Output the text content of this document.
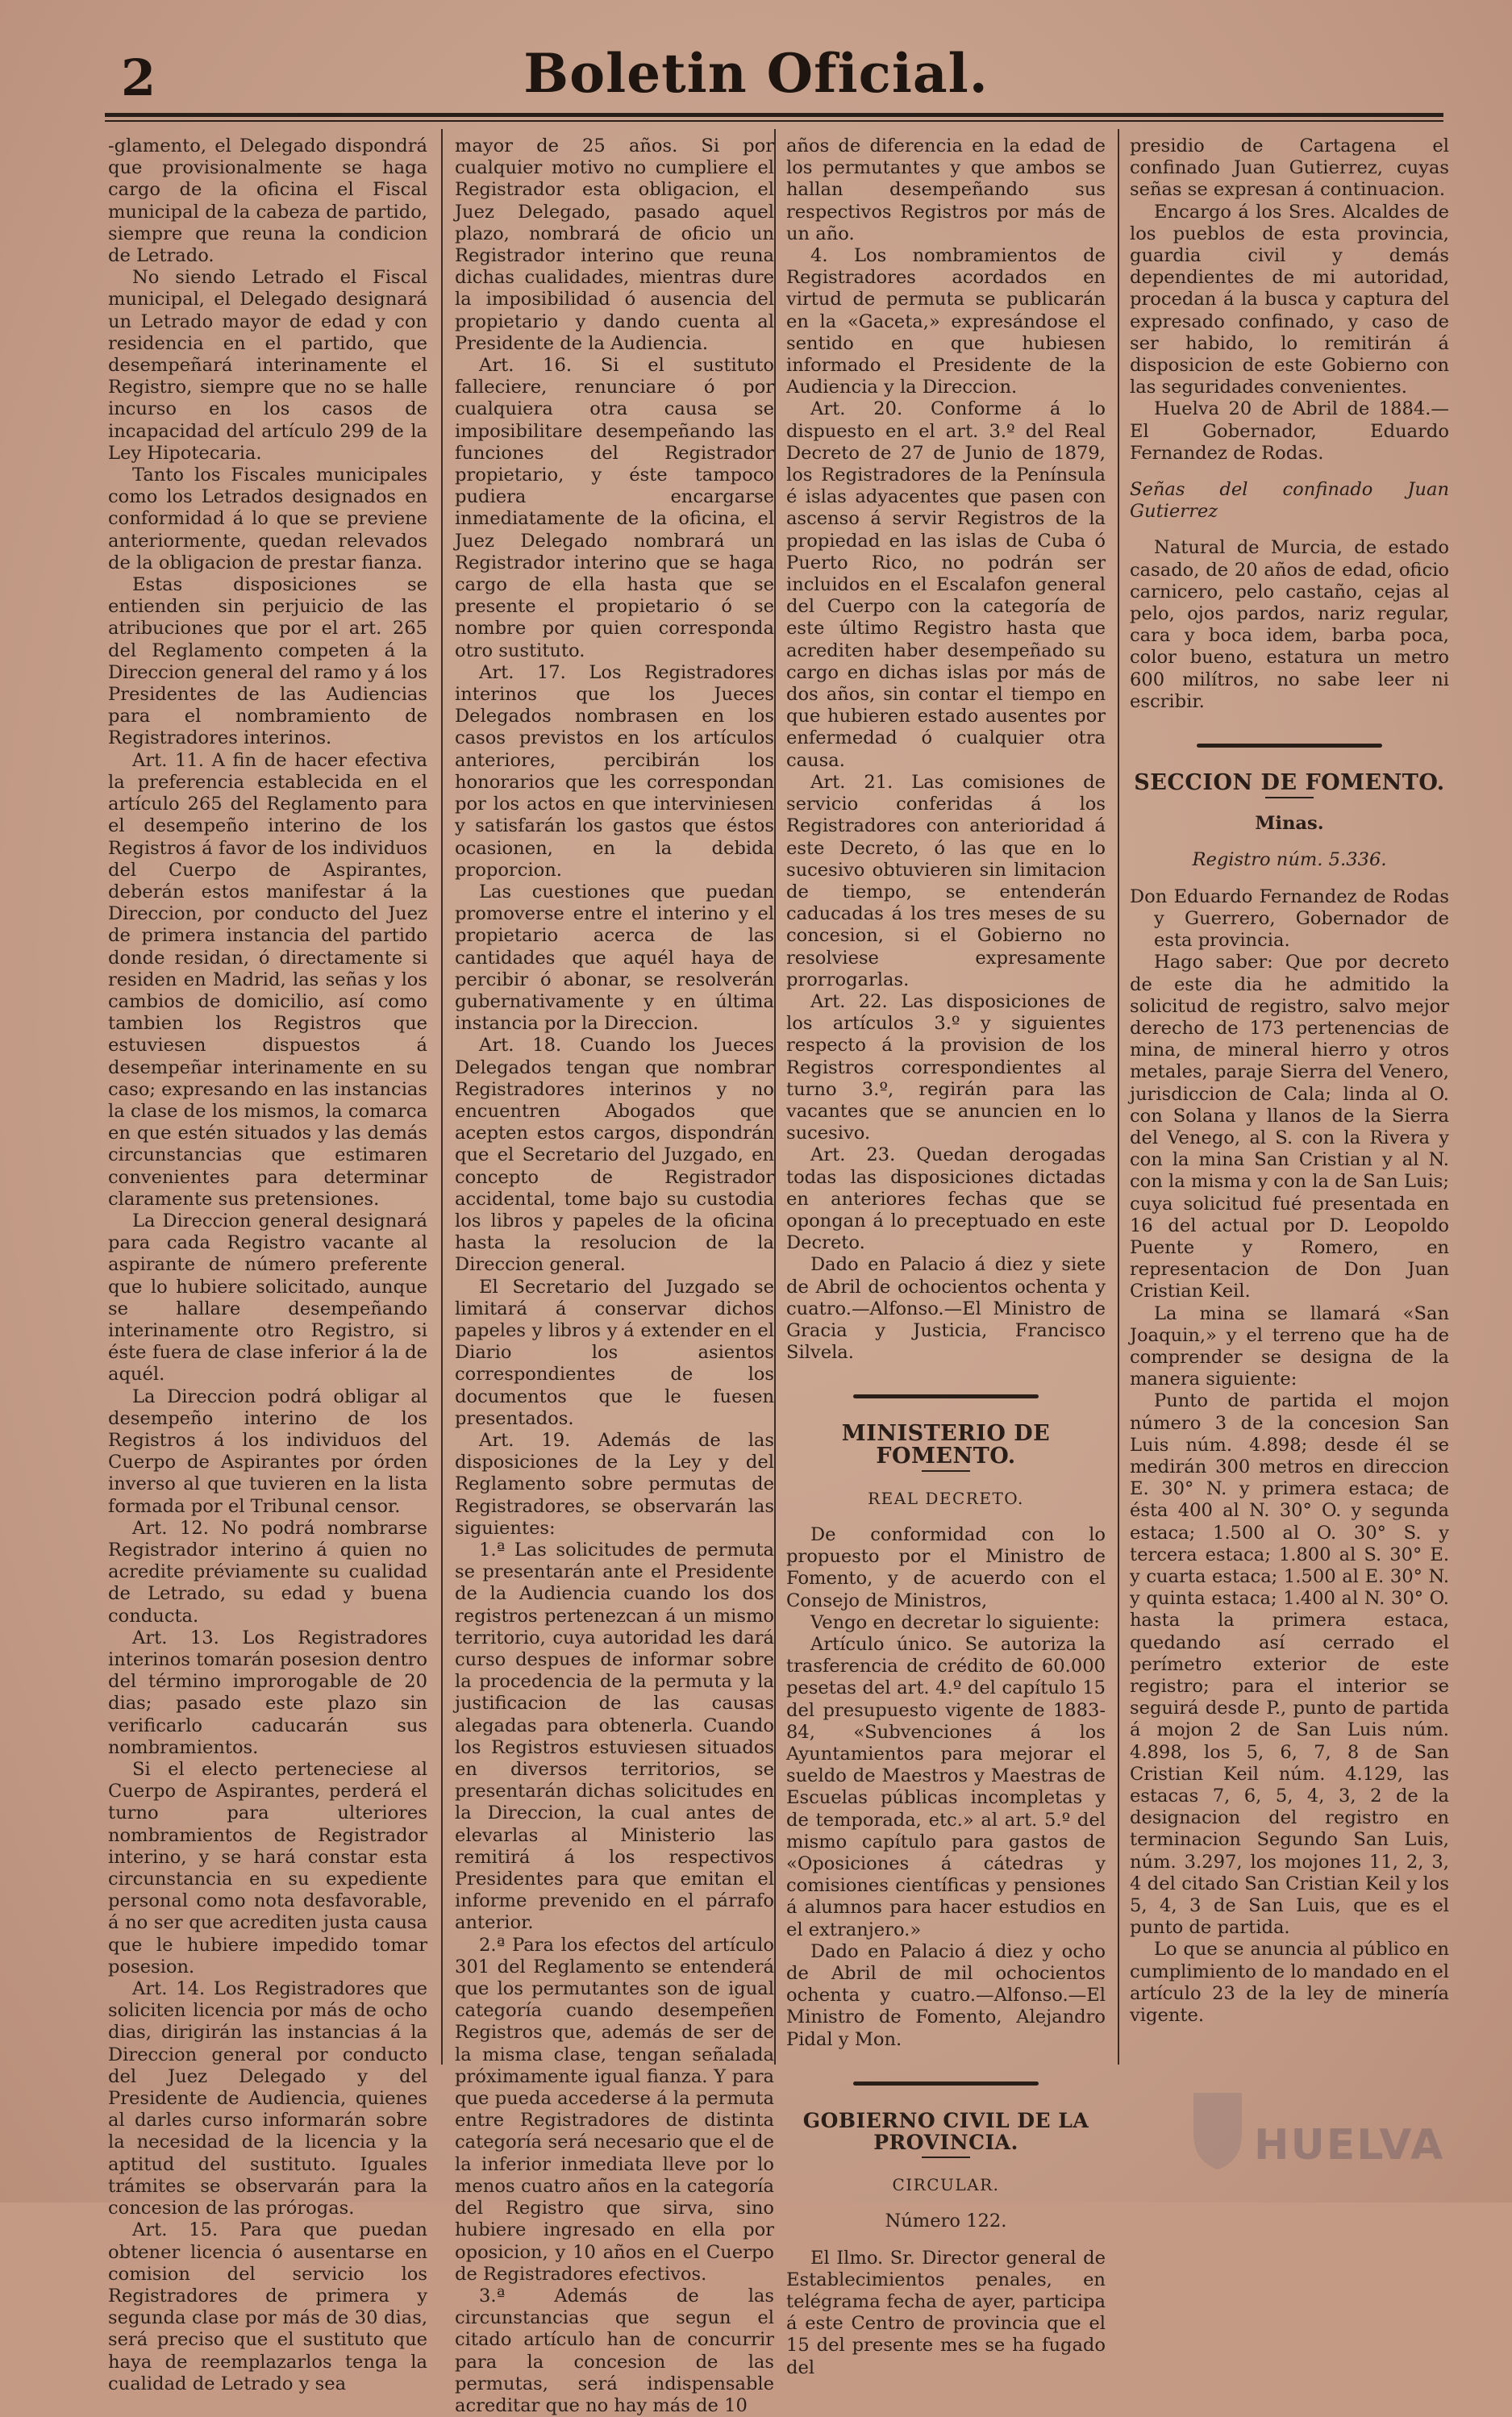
2	Boletin Oficial.

-glamento, el Delegado dispondrá que provisionalmente se haga cargo de la oficina el Fiscal municipal de la cabeza de partido, siempre que reuna la condicion de Letrado.

No siendo Letrado el Fiscal municipal, el Delegado designará un Letrado mayor de edad y con residencia en el partido, que desempeñará interinamente el Registro, siempre que no se halle incurso en los casos de incapacidad del artículo 299 de la Ley Hipotecaria.

Tanto los Fiscales municipales como los Letrados designados en conformidad á lo que se previene anteriormente, quedan relevados de la obligacion de prestar fianza.

Estas disposiciones se entienden sin perjuicio de las atribuciones que por el art. 265 del Reglamento competen á la Direccion general del ramo y á los Presidentes de las Audiencias para el nombramiento de Registradores interinos.

Art. 11. A fin de hacer efectiva la preferencia establecida en el artículo 265 del Reglamento para el desempeño interino de los Registros á favor de los individuos del Cuerpo de Aspirantes, deberán estos manifestar á la Direccion, por conducto del Juez de primera instancia del partido donde residan, ó directamente si residen en Madrid, las señas y los cambios de domicilio, así como tambien los Registros que estuviesen dispuestos á desempeñar interinamente en su caso; expresando en las instancias la clase de los mismos, la comarca en que estén situados y las demás circunstancias que estimaren convenientes para determinar claramente sus pretensiones.

La Direccion general designará para cada Registro vacante al aspirante de número preferente que lo hubiere solicitado, aunque se hallare desempeñando interinamente otro Registro, si éste fuera de clase inferior á la de aquél.

La Direccion podrá obligar al desempeño interino de los Registros á los individuos del Cuerpo de Aspirantes por órden inverso al que tuvieren en la lista formada por el Tribunal censor.

Art. 12. No podrá nombrarse Registrador interino á quien no acredite préviamente su cualidad de Letrado, su edad y buena conducta.

Art. 13. Los Registradores interinos tomarán posesion dentro del término improrogable de 20 dias; pasado este plazo sin verificarlo caducarán sus nombramientos.

Si el electo perteneciese al Cuerpo de Aspirantes, perderá el turno para ulteriores nombramientos de Registrador interino, y se hará constar esta circunstancia en su expediente personal como nota desfavorable, á no ser que acrediten justa causa que le hubiere impedido tomar posesion.

Art. 14. Los Registradores que soliciten licencia por más de ocho dias, dirigirán las instancias á la Direccion general por conducto del Juez Delegado y del Presidente de Audiencia, quienes al darles curso informarán sobre la necesidad de la licencia y la aptitud del sustituto. Iguales trámites se observarán para la concesion de las prórogas.

Art. 15. Para que puedan obtener licencia ó ausentarse en comision del servicio los Registradores de primera y segunda clase por más de 30 dias, será preciso que el sustituto que haya de reemplazarlos tenga la cualidad de Letrado y sea

mayor de 25 años. Si por cualquier motivo no cumpliere el Registrador esta obligacion, el Juez Delegado, pasado aquel plazo, nombrará de oficio un Registrador interino que reuna dichas cualidades, mientras dure la imposibilidad ó ausencia del propietario y dando cuenta al Presidente de la Audiencia.

Art. 16. Si el sustituto falleciere, renunciare ó por cualquiera otra causa se imposibilitare desempeñando las funciones del Registrador propietario, y éste tampoco pudiera encargarse inmediatamente de la oficina, el Juez Delegado nombrará un Registrador interino que se haga cargo de ella hasta que se presente el propietario ó se nombre por quien corresponda otro sustituto.

Art. 17. Los Registradores interinos que los Jueces Delegados nombrasen en los casos previstos en los artículos anteriores, percibirán los honorarios que les correspondan por los actos en que interviniesen y satisfarán los gastos que éstos ocasionen, en la debida proporcion.

Las cuestiones que puedan promoverse entre el interino y el propietario acerca de las cantidades que aquél haya de percibir ó abonar, se resolverán gubernativamente y en última instancia por la Direccion.

Art. 18. Cuando los Jueces Delegados tengan que nombrar Registradores interinos y no encuentren Abogados que acepten estos cargos, dispondrán que el Secretario del Juzgado, en concepto de Registrador accidental, tome bajo su custodia los libros y papeles de la oficina hasta la resolucion de la Direccion general.

El Secretario del Juzgado se limitará á conservar dichos papeles y libros y á extender en el Diario los asientos correspondientes de los documentos que le fuesen presentados.

Art. 19. Además de las disposiciones de la Ley y del Reglamento sobre permutas de Registradores, se observarán las siguientes:

1.ª Las solicitudes de permuta se presentarán ante el Presidente de la Audiencia cuando los dos registros pertenezcan á un mismo territorio, cuya autoridad les dará curso despues de informar sobre la procedencia de la permuta y la justificacion de las causas alegadas para obtenerla. Cuando los Registros estuviesen situados en diversos territorios, se presentarán dichas solicitudes en la Direccion, la cual antes de elevarlas al Ministerio las remitirá á los respectivos Presidentes para que emitan el informe prevenido en el párrafo anterior.

2.ª Para los efectos del artículo 301 del Reglamento se entenderá que los permutantes son de igual categoría cuando desempeñen Registros que, además de ser de la misma clase, tengan señalada próximamente igual fianza. Y para que pueda accederse á la permuta entre Registradores de distinta categoría será necesario que el de la inferior inmediata lleve por lo menos cuatro años en la categoría del Registro que sirva, sino hubiere ingresado en ella por oposicion, y 10 años en el Cuerpo de Registradores efectivos.

3.ª Además de las circunstancias que segun el citado artículo han de concurrir para la concesion de las permutas, será indispensable acreditar que no hay más de 10

años de diferencia en la edad de los permutantes y que ambos se hallan desempeñando sus respectivos Registros por más de un año.

4. Los nombramientos de Registradores acordados en virtud de permuta se publicarán en la «Gaceta,» expresándose el sentido en que hubiesen informado el Presidente de la Audiencia y la Direccion.

Art. 20. Conforme á lo dispuesto en el art. 3.º del Real Decreto de 27 de Junio de 1879, los Registradores de la Península é islas adyacentes que pasen con ascenso á servir Registros de la propiedad en las islas de Cuba ó Puerto Rico, no podrán ser incluidos en el Escalafon general del Cuerpo con la categoría de este último Registro hasta que acrediten haber desempeñado su cargo en dichas islas por más de dos años, sin contar el tiempo en que hubieren estado ausentes por enfermedad ó cualquier otra causa.

Art. 21. Las comisiones de servicio conferidas á los Registradores con anterioridad á este Decreto, ó las que en lo sucesivo obtuvieren sin limitacion de tiempo, se entenderán caducadas á los tres meses de su concesion, si el Gobierno no resolviese expresamente prorrogarlas.

Art. 22. Las disposiciones de los artículos 3.º y siguientes respecto á la provision de los Registros correspondientes al turno 3.º, regirán para las vacantes que se anuncien en lo sucesivo.

Art. 23. Quedan derogadas todas las disposiciones dictadas en anteriores fechas que se opongan á lo preceptuado en este Decreto.

Dado en Palacio á diez y siete de Abril de ochocientos ochenta y cuatro.—Alfonso.—El Ministro de Gracia y Justicia, Francisco Silvela.

MINISTERIO DE FOMENTO.
REAL DECRETO.

De conformidad con lo propuesto por el Ministro de Fomento, y de acuerdo con el Consejo de Ministros,

Vengo en decretar lo siguiente:

Artículo único. Se autoriza la trasferencia de crédito de 60.000 pesetas del art. 4.º del capítulo 15 del presupuesto vigente de 1883-84, «Subvenciones á los Ayuntamientos para mejorar el sueldo de Maestros y Maestras de Escuelas públicas incompletas y de temporada, etc.» al art. 5.º del mismo capítulo para gastos de «Oposiciones á cátedras y comisiones científicas y pensiones á alumnos para hacer estudios en el extranjero.»

Dado en Palacio á diez y ocho de Abril de mil ochocientos ochenta y cuatro.—Alfonso.—El Ministro de Fomento, Alejandro Pidal y Mon.

GOBIERNO CIVIL DE LA PROVINCIA.
CIRCULAR.

Número 122.

El Ilmo. Sr. Director general de Establecimientos penales, en telégrama fecha de ayer, participa á este Centro de provincia que el 15 del presente mes se ha fugado del

presidio de Cartagena el confinado Juan Gutierrez, cuyas señas se expresan á continuacion.

Encargo á los Sres. Alcaldes de los pueblos de esta provincia, guardia civil y demás dependientes de mi autoridad, procedan á la busca y captura del expresado confinado, y caso de ser habido, lo remitirán á disposicion de este Gobierno con las seguridades convenientes.

Huelva 20 de Abril de 1884.—El Gobernador, Eduardo Fernandez de Rodas.

Señas del confinado Juan Gutierrez

Natural de Murcia, de estado casado, de 20 años de edad, oficio carnicero, pelo castaño, cejas al pelo, ojos pardos, nariz regular, cara y boca idem, barba poca, color bueno, estatura un metro 600 milítros, no sabe leer ni escribir.

SECCION DE FOMENTO.

Minas.

Registro núm. 5.336.

Don Eduardo Fernandez de Rodas y Guerrero, Gobernador de esta provincia.

Hago saber: Que por decreto de este dia he admitido la solicitud de registro, salvo mejor derecho de 173 pertenencias de mina, de mineral hierro y otros metales, paraje Sierra del Venero, jurisdiccion de Cala; linda al O. con Solana y llanos de la Sierra del Venego, al S. con la Rivera y con la mina San Cristian y al N. con la misma y con la de San Luis; cuya solicitud fué presentada en 16 del actual por D. Leopoldo Puente y Romero, en representacion de Don Juan Cristian Keil.

La mina se llamará «San Joaquin,» y el terreno que ha de comprender se designa de la manera siguiente:

Punto de partida el mojon número 3 de la concesion San Luis núm. 4.898; desde él se medirán 300 metros en direccion E. 30° N. y primera estaca; de ésta 400 al N. 30° O. y segunda estaca; 1.500 al O. 30° S. y tercera estaca; 1.800 al S. 30° E. y cuarta estaca; 1.500 al E. 30° N. y quinta estaca; 1.400 al N. 30° O. hasta la primera estaca, quedando así cerrado el perímetro exterior de este registro; para el interior se seguirá desde P., punto de partida á mojon 2 de San Luis núm. 4.898, los 5, 6, 7, 8 de San Cristian Keil núm. 4.129, las estacas 7, 6, 5, 4, 3, 2 de la designacion del registro en terminacion Segundo San Luis, núm. 3.297, los mojones 11, 2, 3, 4 del citado San Cristian Keil y los 5, 4, 3 de San Luis, que es el punto de partida.

Lo que se anuncia al público en cumplimiento de lo mandado en el artículo 23 de la ley de minería vigente.

HUELVA
